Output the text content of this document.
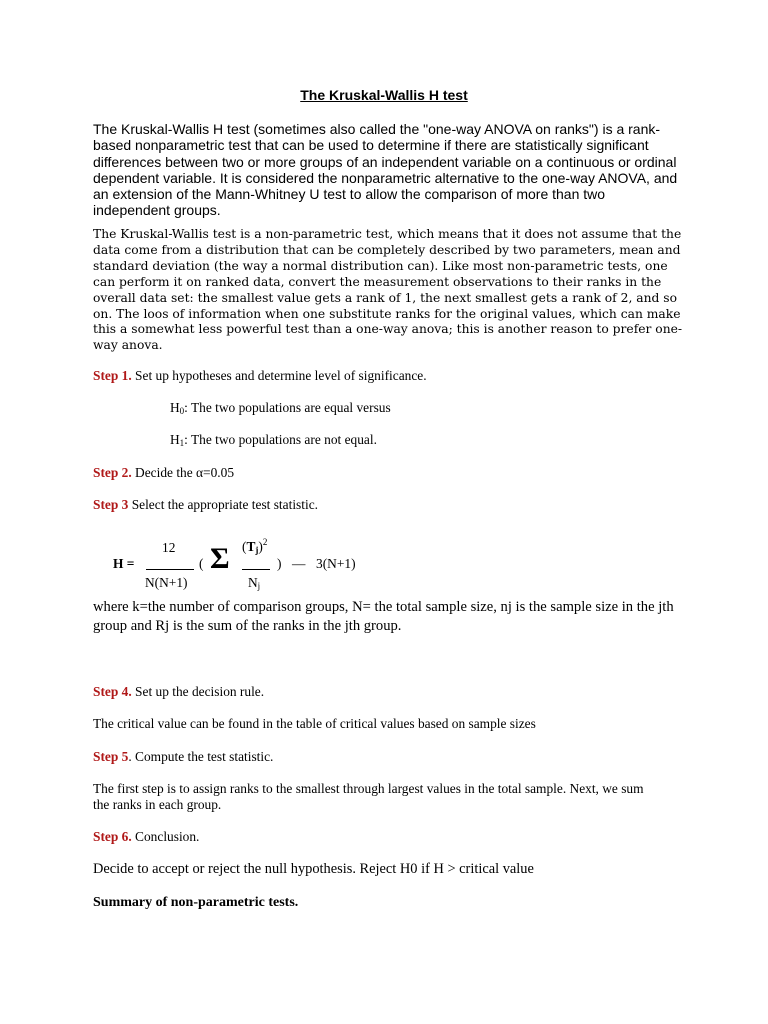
The Kruskal-Wallis H test

The Kruskal-Wallis H test (sometimes also called the "one-way ANOVA on ranks") is a rank-based nonparametric test that can be used to determine if there are statistically significant differences between two or more groups of an independent variable on a continuous or ordinal dependent variable. It is considered the nonparametric alternative to the one-way ANOVA, and an extension of the Mann-Whitney U test to allow the comparison of more than two independent groups.

The Kruskal-Wallis test is a non-parametric test, which means that it does not assume that the data come from a distribution that can be completely described by two parameters, mean and standard deviation (the way a normal distribution can). Like most non-parametric tests, one can perform it on ranked data, convert the measurement observations to their ranks in the overall data set: the smallest value gets a rank of 1, the next smallest gets a rank of 2, and so on. The loos of information when one substitute ranks for the original values, which can make this a somewhat less powerful test than a one-way anova; this is another reason to prefer one-way anova.

Step 1. Set up hypotheses and determine level of significance.

$H_0$: The two populations are equal versus

$H_1$: The two populations are not equal.

Step 2. Decide the α=0.05

Step 3 Select the appropriate test statistic.

H =
12
N(N+1)
( Σ $(T_j)^2$
$N_j$
) — 3(N+1)

where k=the number of comparison groups, N= the total sample size, nj is the sample size in the jth group and Rj is the sum of the ranks in the jth group.

Step 4. Set up the decision rule.

The critical value can be found in the table of critical values based on sample sizes

Step 5. Compute the test statistic.

The first step is to assign ranks to the smallest through largest values in the total sample. Next, we sum the ranks in each group.

Step 6. Conclusion.

Decide to accept or reject the null hypothesis. Reject H0 if H > critical value

Summary of non-parametric tests.
